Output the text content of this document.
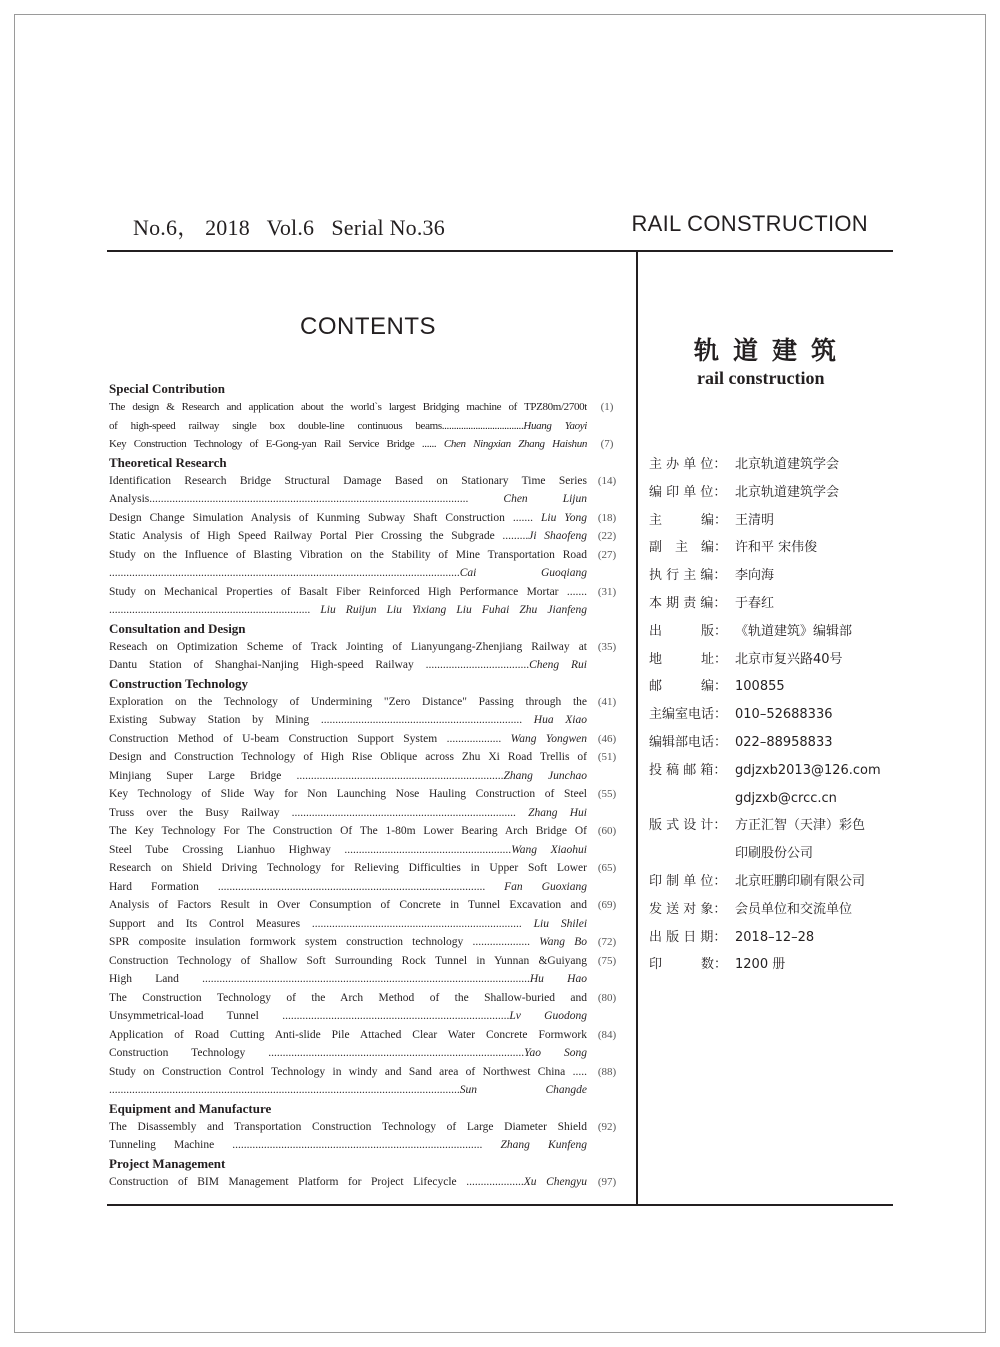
No.6， 2018   Vol.6   Serial No.36	RAIL CONSTRUCTION
CONTENTS
Special Contribution
The design & Research and application about the world`s largest Bridging machine of TPZ80m/2700t
of high-speed railway single box double-line continuous beams..................................Huang Yaoyi
(1)
Key Construction Technology of E-Gong-yan Rail Service Bridge ...... Chen Ningxian Zhang Haishun	(7)
Theoretical Research
Identification Research Bridge Structural Damage Based on Stationary Time Series
Analysis............................................................................................................... Chen Lijun
(14)
Design Change Simulation Analysis of Kunming Subway Shaft Construction ....... Liu Yong (18)
Static Analysis of High Speed Railway Portal Pier Crossing the Subgrade .........Ji Shaofeng (22)
Study on the Influence of Blasting Vibration on the Stability of Mine Transportation Road
..........................................................................................................................Cai Guoqiang
(27)
Study on Mechanical Properties of Basalt Fiber Reinforced High Performance Mortar .......
...................................................................... Liu Ruijun Liu Yixiang Liu Fuhai Zhu Jianfeng
(31)
Consultation and Design
Reseach on Optimization Scheme of Track Jointing of Lianyungang-Zhenjiang Railway at
Dantu Station of Shanghai-Nanjing High-speed Railway ....................................Cheng Rui
(35)
Construction Technology
Exploration on the Technology of Undermining "Zero Distance" Passing through the
Existing Subway Station by Mining ...................................................................... Hua Xiao
(41)
Construction Method of U-beam Construction Support System ................... Wang Yongwen (46)
Design and Construction Technology of High Rise Oblique across Zhu Xi Road Trellis of
Minjiang Super Large Bridge ........................................................................Zhang Junchao
(51)
Key Technology of Slide Way for Non Launching Nose Hauling Construction of Steel
Truss over the Busy Railway .............................................................................. Zhang Hui
(55)
The Key Technology For The Construction Of The 1-80m Lower Bearing Arch Bridge Of
Steel Tube Crossing Lianhuo Highway ..........................................................Wang Xiaohui
(60)
Research on Shield Driving Technology for Relieving Difficulties in Upper Soft Lower
Hard Formation ............................................................................................. Fan Guoxiang
(65)
Analysis of Factors Result in Over Consumption of Concrete in Tunnel Excavation and
Support and Its Control Measures ......................................................................... Liu Shilei
(69)
SPR composite insulation formwork system construction technology .................... Wang Bo (72)
Construction Technology of Shallow Soft Surrounding Rock Tunnel in Yunnan &Guiyang
High Land ..................................................................................................................Hu Hao
(75)
The Construction Technology of the Arch Method of the Shallow-buried and
Unsymmetrical-load Tunnel ...............................................................................Lv Guodong
(80)
Application of Road Cutting Anti-slide Pile Attached Clear Water Concrete Formwork
Construction Technology .........................................................................................Yao Song
(84)
Study on Construction Control Technology in windy and Sand area of Northwest China .....
..........................................................................................................................Sun Changde
(88)
Equipment and Manufacture
The Disassembly and Transportation Construction Technology of Large Diameter Shield
Tunneling Machine ....................................................................................... Zhang Kunfeng
(92)
Project Management
Construction of BIM Management Platform for Project Lifecycle ....................Xu Chengyu (97)
轨道建筑
rail construction
主 办 单 位： 北京轨道建筑学会
编 印 单 位： 北京轨道建筑学会
主　　　编： 王清明
副　主　编： 许和平 宋伟俊
执 行 主 编： 李向海
本 期 责 编： 于春红
出　　　版： 《轨道建筑》编辑部
地　　　址： 北京市复兴路40号
邮　　　编： 100855
主编室电话： 010–52688336
编辑部电话： 022–88958833
投 稿 邮 箱： gdjzxb2013@126.com
gdjzxb@crcc.cn
版 式 设 计： 方正汇智（天津）彩色
印刷股份公司
印 制 单 位： 北京旺鹏印刷有限公司
发 送 对 象： 会员单位和交流单位
出 版 日 期： 2018–12–28
印　　　数： 1200 册
